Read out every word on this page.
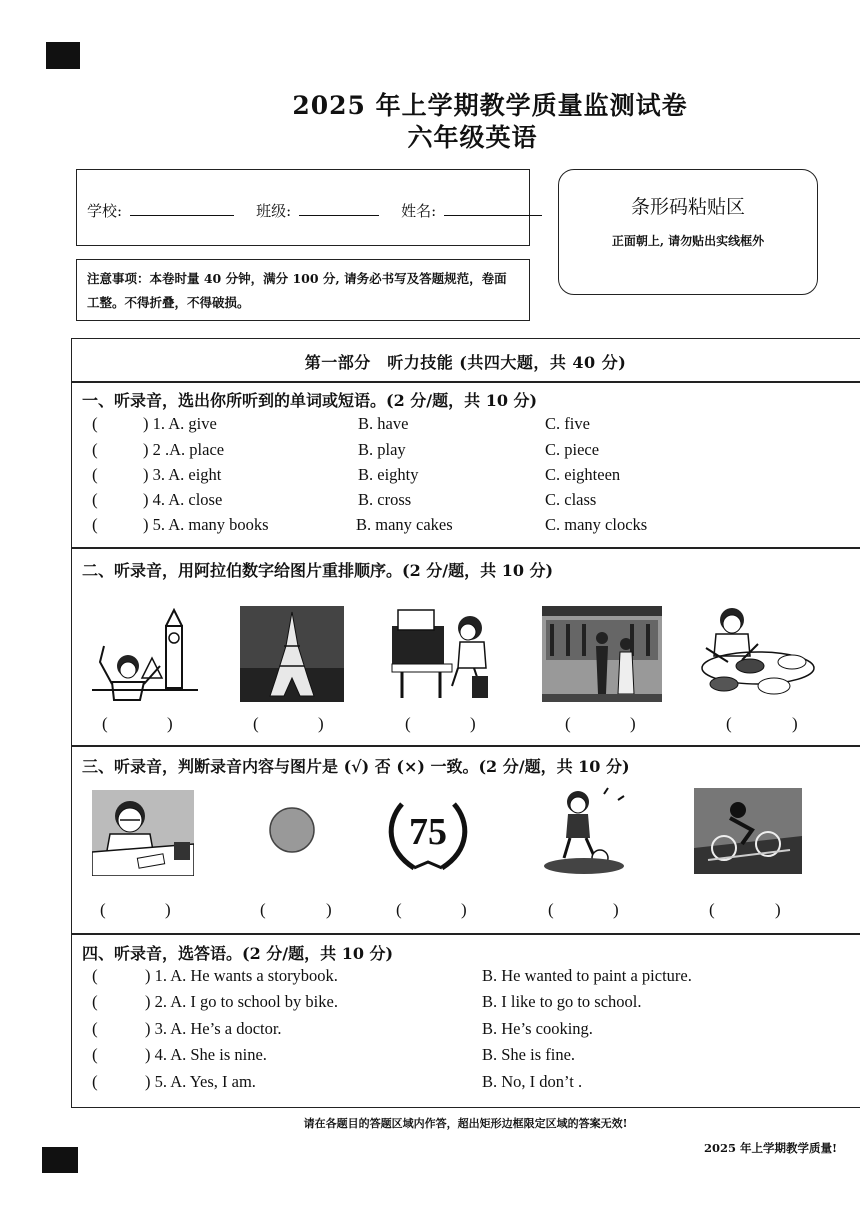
2025 年上学期教学质量监测试卷
六年级英语
学校:	班级:	姓名:
注意事项：本卷时量 40 分钟，满分 100 分, 请务必书写及答题规范，卷面工整。不得折叠，不得破损。
条形码粘贴区
正面朝上, 请勿贴出实线框外
第一部分　听力技能 (共四大题，共 40 分)
一、听录音，选出你所听到的单词或短语。(2 分/题，共 10 分)
(	) 1. A. give	B. have	C. five
(	) 2 .A. place	B. play	C. piece
(	) 3. A. eight	B. eighty	C. eighteen
(	) 4. A. close	B. cross	C. class
(	) 5. A. many books	B. many cakes	C. many clocks
二、听录音，用阿拉伯数字给图片重排顺序。(2 分/题，共 10 分)
(	)	(	)	(	)	(	)	(	)
三、听录音，判断录音内容与图片是 (√) 否 (×) 一致。(2 分/题，共 10 分)
75
(	)	(	)	(	)	(	)	(	)
四、听录音，选答语。(2 分/题，共 10 分)
(	) 1. A. He wants a storybook.	B. He wanted to paint a picture.
(	) 2. A. I go to school by bike.	B. I like to go to school.
(	) 3. A. He’s a doctor.	B. He’s cooking.
(	) 4. A. She is nine.	B. She is fine.
(	) 5. A. Yes, I am.	B. No, I don’t .
请在各题目的答题区域内作答，超出矩形边框限定区域的答案无效!
2025 年上学期教学质量!
